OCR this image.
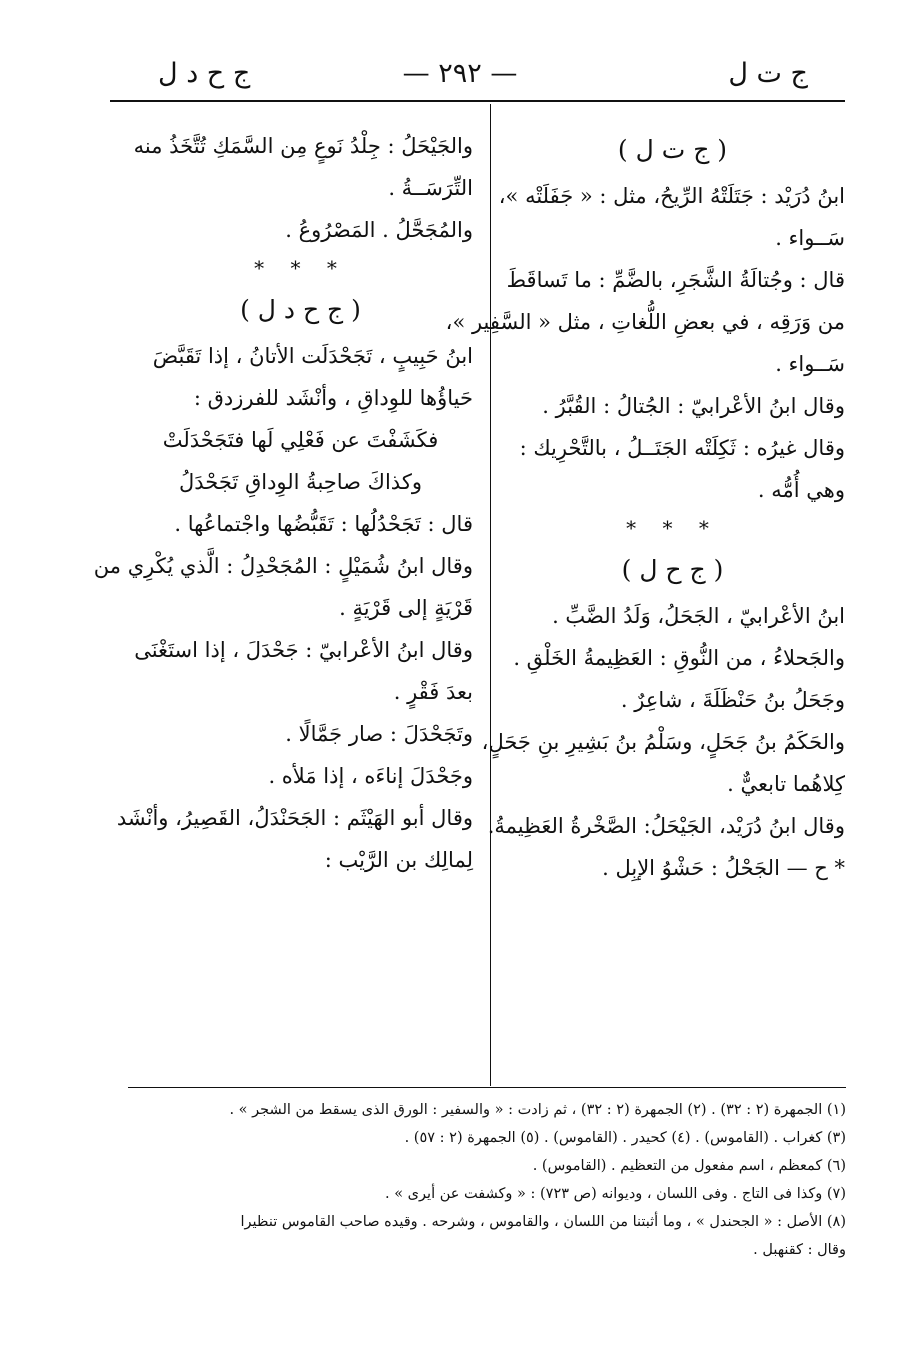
ج ت ل
— ٢٩٢ —
ج ح د ل
( ج ت ل )
ابنُ دُرَيْد : جَتَلَتْهُ الرِّيحُ، مثل : « جَفَلَتْه »،
سَــواء .
قال : وجُتالَةُ الشَّجَرِ، بالضَّمِّ : ما تَساقَطَ
من وَرَقِه ، في بعضِ اللُّغاتِ ، مثل « السَّفِير »،
سَــواء .
وقال ابنُ الأعْرابيّ : الجُتالُ : القُبَّرُ .
وقال غيرُه : ثَكِلَتْه الجَتَــلُ ، بالتَّحْرِيك :
وهي أُمُّه .
* * *
( ج ح ل )
ابنُ الأعْرابيّ ، الجَحَلُ، وَلَدُ الضَّبِّ .
والجَحلاءُ ، من النُّوقِ : العَظِيمةُ الخَلْقِ .
وجَحَلُ بنُ حَنْظَلَةَ ، شاعِرٌ .
والحَكَمُ بنُ جَحَلٍ، وسَلْمُ بنُ بَشِيرِ بنِ جَحَلٍ،
كِلاهُما تابعيٌّ .
وقال ابنُ دُرَيْد، الجَيْحَلُ: الصَّخْرةُ العَظِيمةُ.
* ح — الجَحْلُ : حَشْوُ الإبِل .
والجَيْحَلُ : جِلْدُ نَوعٍ مِن السَّمَكِ تُتَّخَذُ منه
التِّرَسَــةُ .
والمُجَحَّلُ . المَصْرُوعُ .
* * *
( ج ح د ل )
ابنُ حَبِيبٍ ، تَجَحْدَلَت الأتانُ ، إذا تَقَبَّضَ
حَياؤُها للوِداقِ ، وأنْشَد للفرزدق :
فكَشَفْتَ عن فَعْلِي لَها فتَجَحْدَلَتْ
وكذاكَ صاحِبةُ الوِداقِ تَجَحْدَلُ
قال : تَجَحْدُلُها : تَقَبُّضُها واجْتماعُها .
وقال ابنُ شُمَيْلٍ : المُجَحْدِلُ : الَّذي يُكْرِي من
قَرْيَةٍ إلى قَرْيَةٍ .
وقال ابنُ الأعْرابيّ : جَحْدَلَ ، إذا استَغْنَى
بعدَ فَقْرٍ .
وتَجَحْدَلَ : صار جَمَّالًا .
وجَحْدَلَ إناءَه ، إذا مَلأه .
وقال أبو الهَيْثَم : الجَحَنْدَلُ، القَصِيرُ، وأنْشَد
لِمالِك بن الرَّيْب :
(١) الجمهرة (٢ : ٣٢) . (٢) الجمهرة (٢ : ٣٢) ، ثم زادت : « والسفير : الورق الذى يسقط من الشجر » .
(٣) كغراب . (القاموس) . (٤) كحيدر . (القاموس) . (٥) الجمهرة (٢ : ٥٧) .
(٦) كمعظم ، اسم مفعول من التعظيم . (القاموس) .
(٧) وكذا فى التاج . وفى اللسان ، وديوانه (ص ٧٢٣) : « وكشفت عن أيرى » .
(٨) الأصل : « الجحندل » ، وما أثبتنا من اللسان ، والقاموس ، وشرحه . وقيده صاحب القاموس تنظيرا
وقال : كقنهبل .
